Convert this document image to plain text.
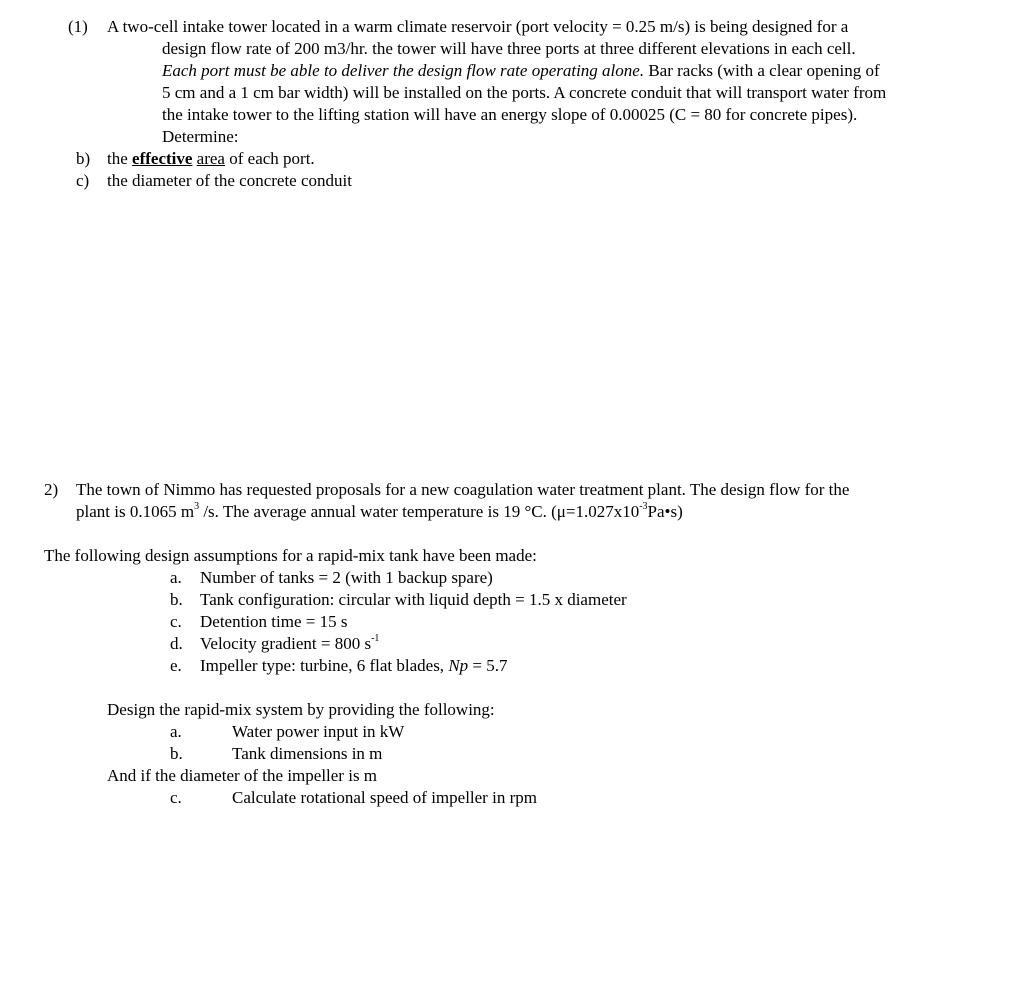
(1) A two-cell intake tower located in a warm climate reservoir (port velocity = 0.25 m/s) is being designed for a
design flow rate of 200 m3/hr. the tower will have three ports at three different elevations in each cell.
Each port must be able to deliver the design flow rate operating alone. Bar racks (with a clear opening of
5 cm and a 1 cm bar width) will be installed on the ports. A concrete conduit that will transport water from
the intake tower to the lifting station will have an energy slope of 0.00025 (C = 80 for concrete pipes).
Determine:
b) the effective area of each port.
c) the diameter of the concrete conduit
2) The town of Nimmo has requested proposals for a new coagulation water treatment plant. The design flow for the
plant is 0.1065 $m^3$ /s. The average annual water temperature is 19 °C. $(\mu=1.027x10^{-3}Pa•s)$
The following design assumptions for a rapid-mix tank have been made:
a. Number of tanks = 2 (with 1 backup spare)
b. Tank configuration: circular with liquid depth = 1.5 x diameter
c. Detention time = 15 s
d. Velocity gradient = 800 $s^{-1}$
e. Impeller type: turbine, 6 flat blades, Np = 5.7
Design the rapid-mix system by providing the following:
a.	Water power input in kW
b.	Tank dimensions in m
And if the diameter of the impeller is m
c.	Calculate rotational speed of impeller in rpm
